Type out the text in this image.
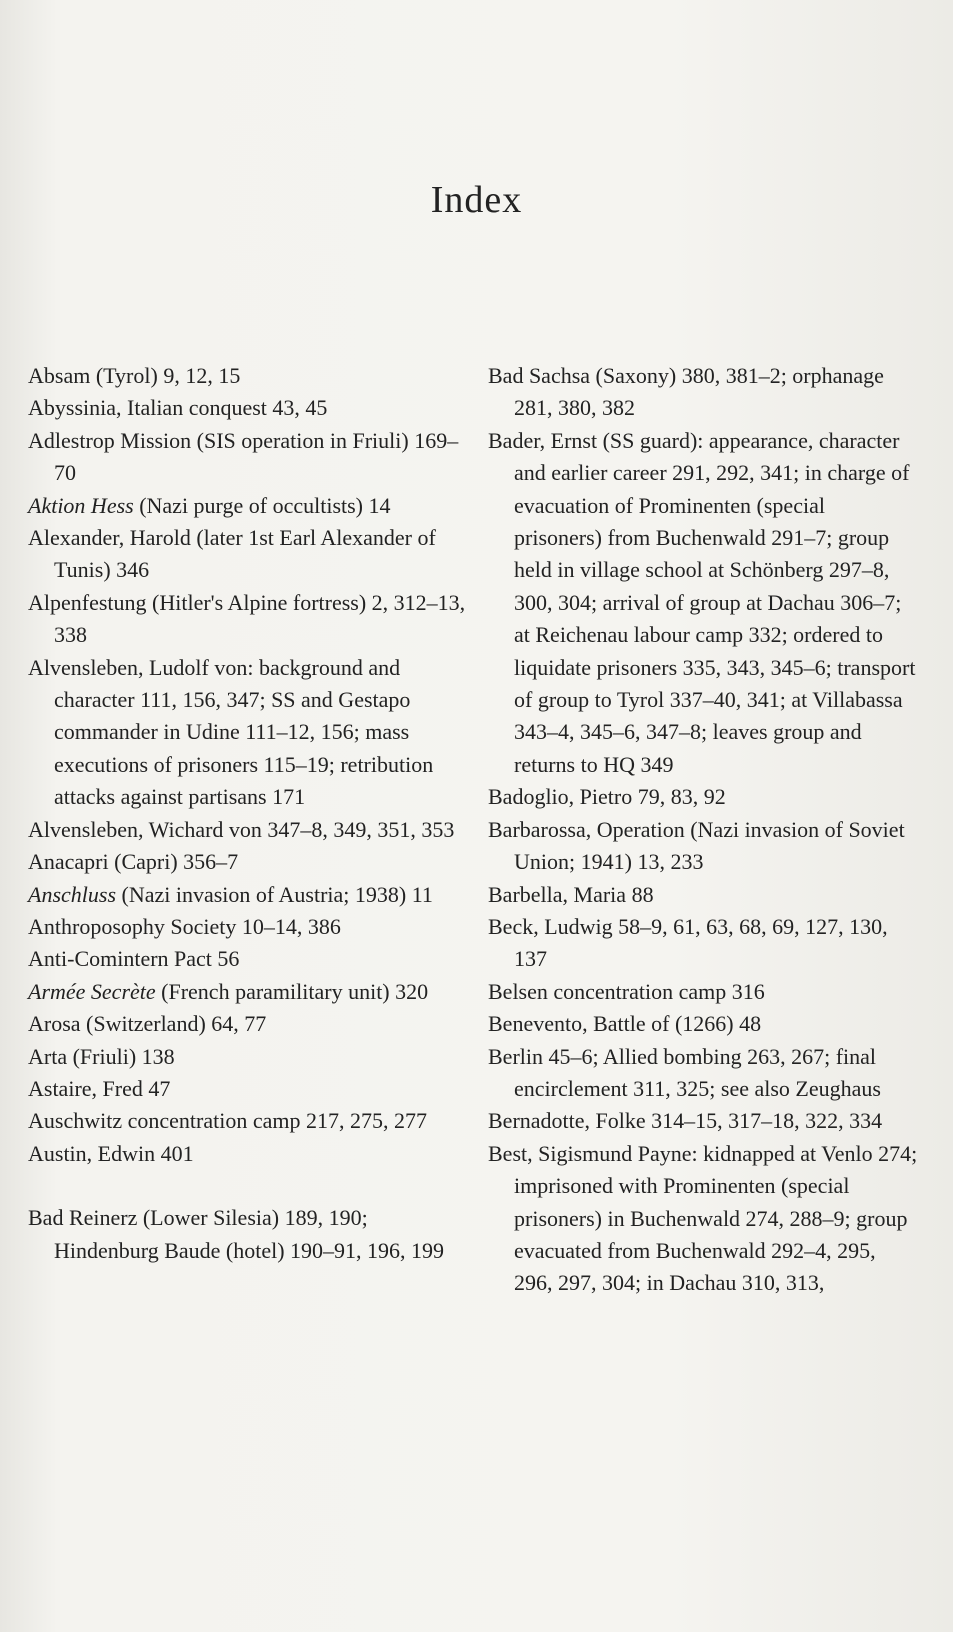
Index

Absam (Tyrol) 9, 12, 15

Abyssinia, Italian conquest 43, 45

Adlestrop Mission (SIS operation in Friuli) 169–70

Aktion Hess (Nazi purge of occultists) 14

Alexander, Harold (later 1st Earl Alexander of Tunis) 346

Alpenfestung (Hitler's Alpine fortress) 2, 312–13, 338

Alvensleben, Ludolf von: background and character 111, 156, 347; SS and Gestapo commander in Udine 111–12, 156; mass executions of prisoners 115–19; retribution attacks against partisans 171

Alvensleben, Wichard von 347–8, 349, 351, 353

Anacapri (Capri) 356–7

Anschluss (Nazi invasion of Austria; 1938) 11

Anthroposophy Society 10–14, 386

Anti-Comintern Pact 56

Armée Secrète (French paramilitary unit) 320

Arosa (Switzerland) 64, 77

Arta (Friuli) 138

Astaire, Fred 47

Auschwitz concentration camp 217, 275, 277

Austin, Edwin 401

Bad Reinerz (Lower Silesia) 189, 190; Hindenburg Baude (hotel) 190–91, 196, 199

Bad Sachsa (Saxony) 380, 381–2; orphanage 281, 380, 382

Bader, Ernst (SS guard): appearance, character and earlier career 291, 292, 341; in charge of evacuation of Prominenten (special prisoners) from Buchenwald 291–7; group held in village school at Schönberg 297–8, 300, 304; arrival of group at Dachau 306–7; at Reichenau labour camp 332; ordered to liquidate prisoners 335, 343, 345–6; transport of group to Tyrol 337–40, 341; at Villabassa 343–4, 345–6, 347–8; leaves group and returns to HQ 349

Badoglio, Pietro 79, 83, 92

Barbarossa, Operation (Nazi invasion of Soviet Union; 1941) 13, 233

Barbella, Maria 88

Beck, Ludwig 58–9, 61, 63, 68, 69, 127, 130, 137

Belsen concentration camp 316

Benevento, Battle of (1266) 48

Berlin 45–6; Allied bombing 263, 267; final encirclement 311, 325; see also Zeughaus

Bernadotte, Folke 314–15, 317–18, 322, 334

Best, Sigismund Payne: kidnapped at Venlo 274; imprisoned with Prominenten (special prisoners) in Buchenwald 274, 288–9; group evacuated from Buchenwald 292–4, 295, 296, 297, 304; in Dachau 310, 313,
